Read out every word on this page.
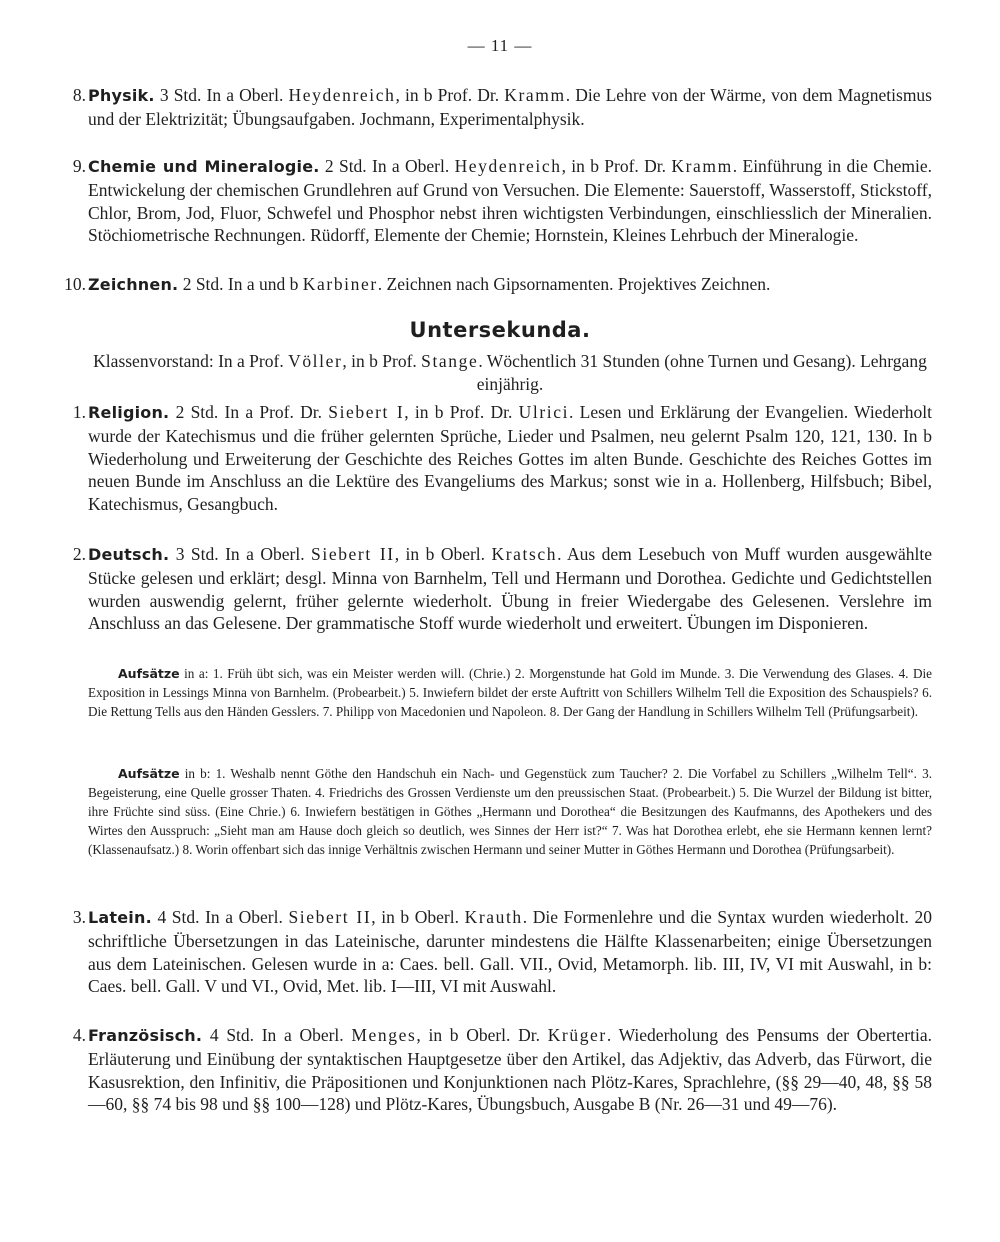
— 11 —
8. Physik. 3 Std. In a Oberl. Heydenreich, in b Prof. Dr. Kramm. Die Lehre von der Wärme, von dem Magnetismus und der Elektrizität; Übungsaufgaben. Jochmann, Experimentalphysik.
9. Chemie und Mineralogie. 2 Std. In a Oberl. Heydenreich, in b Prof. Dr. Kramm. Einführung in die Chemie. Entwickelung der chemischen Grundlehren auf Grund von Versuchen. Die Elemente: Sauerstoff, Wasserstoff, Stickstoff, Chlor, Brom, Jod, Fluor, Schwefel und Phosphor nebst ihren wichtigsten Verbindungen, einschliesslich der Mineralien. Stöchiometrische Rechnungen. Rüdorff, Elemente der Chemie; Hornstein, Kleines Lehrbuch der Mineralogie.
10. Zeichnen. 2 Std. In a und b Karbiner. Zeichnen nach Gipsornamenten. Projektives Zeichnen.
Untersekunda.
Klassenvorstand: In a Prof. Völler, in b Prof. Stange. Wöchentlich 31 Stunden (ohne Turnen und Gesang). Lehrgang einjährig.
1. Religion. 2 Std. In a Prof. Dr. Siebert I, in b Prof. Dr. Ulrici. Lesen und Erklärung der Evangelien. Wiederholt wurde der Katechismus und die früher gelernten Sprüche, Lieder und Psalmen, neu gelernt Psalm 120, 121, 130. In b Wiederholung und Erweiterung der Geschichte des Reiches Gottes im alten Bunde. Geschichte des Reiches Gottes im neuen Bunde im Anschluss an die Lektüre des Evangeliums des Markus; sonst wie in a. Hollenberg, Hilfsbuch; Bibel, Katechismus, Gesangbuch.
2. Deutsch. 3 Std. In a Oberl. Siebert II, in b Oberl. Kratsch. Aus dem Lesebuch von Muff wurden ausgewählte Stücke gelesen und erklärt; desgl. Minna von Barnhelm, Tell und Hermann und Dorothea. Gedichte und Gedichtstellen wurden auswendig gelernt, früher gelernte wiederholt. Übung in freier Wiedergabe des Gelesenen. Verslehre im Anschluss an das Gelesene. Der grammatische Stoff wurde wiederholt und erweitert. Übungen im Disponieren.
Aufsätze in a: 1. Früh übt sich, was ein Meister werden will. (Chrie.) 2. Morgenstunde hat Gold im Munde. 3. Die Verwendung des Glases. 4. Die Exposition in Lessings Minna von Barnhelm. (Probearbeit.) 5. Inwiefern bildet der erste Auftritt von Schillers Wilhelm Tell die Exposition des Schauspiels? 6. Die Rettung Tells aus den Händen Gesslers. 7. Philipp von Macedonien und Napoleon. 8. Der Gang der Handlung in Schillers Wilhelm Tell (Prüfungsarbeit).
Aufsätze in b: 1. Weshalb nennt Göthe den Handschuh ein Nach- und Gegenstück zum Taucher? 2. Die Vorfabel zu Schillers „Wilhelm Tell“. 3. Begeisterung, eine Quelle grosser Thaten. 4. Friedrichs des Grossen Verdienste um den preussischen Staat. (Probearbeit.) 5. Die Wurzel der Bildung ist bitter, ihre Früchte sind süss. (Eine Chrie.) 6. Inwiefern bestätigen in Göthes „Hermann und Dorothea“ die Besitzungen des Kaufmanns, des Apothekers und des Wirtes den Ausspruch: „Sieht man am Hause doch gleich so deutlich, wes Sinnes der Herr ist?“ 7. Was hat Dorothea erlebt, ehe sie Hermann kennen lernt? (Klassenaufsatz.) 8. Worin offenbart sich das innige Verhältnis zwischen Hermann und seiner Mutter in Göthes Hermann und Dorothea (Prüfungsarbeit).
3. Latein. 4 Std. In a Oberl. Siebert II, in b Oberl. Krauth. Die Formenlehre und die Syntax wurden wiederholt. 20 schriftliche Übersetzungen in das Lateinische, darunter mindestens die Hälfte Klassenarbeiten; einige Übersetzungen aus dem Lateinischen. Gelesen wurde in a: Caes. bell. Gall. VII., Ovid, Metamorph. lib. III, IV, VI mit Auswahl, in b: Caes. bell. Gall. V und VI., Ovid, Met. lib. I—III, VI mit Auswahl.
4. Französisch. 4 Std. In a Oberl. Menges, in b Oberl. Dr. Krüger. Wiederholung des Pensums der Obertertia. Erläuterung und Einübung der syntaktischen Hauptgesetze über den Artikel, das Adjektiv, das Adverb, das Fürwort, die Kasusrektion, den Infinitiv, die Präpositionen und Konjunktionen nach Plötz-Kares, Sprachlehre, (§§ 29—40, 48, §§ 58—60, §§ 74 bis 98 und §§ 100—128) und Plötz-Kares, Übungsbuch, Ausgabe B (Nr. 26—31 und 49—76).
